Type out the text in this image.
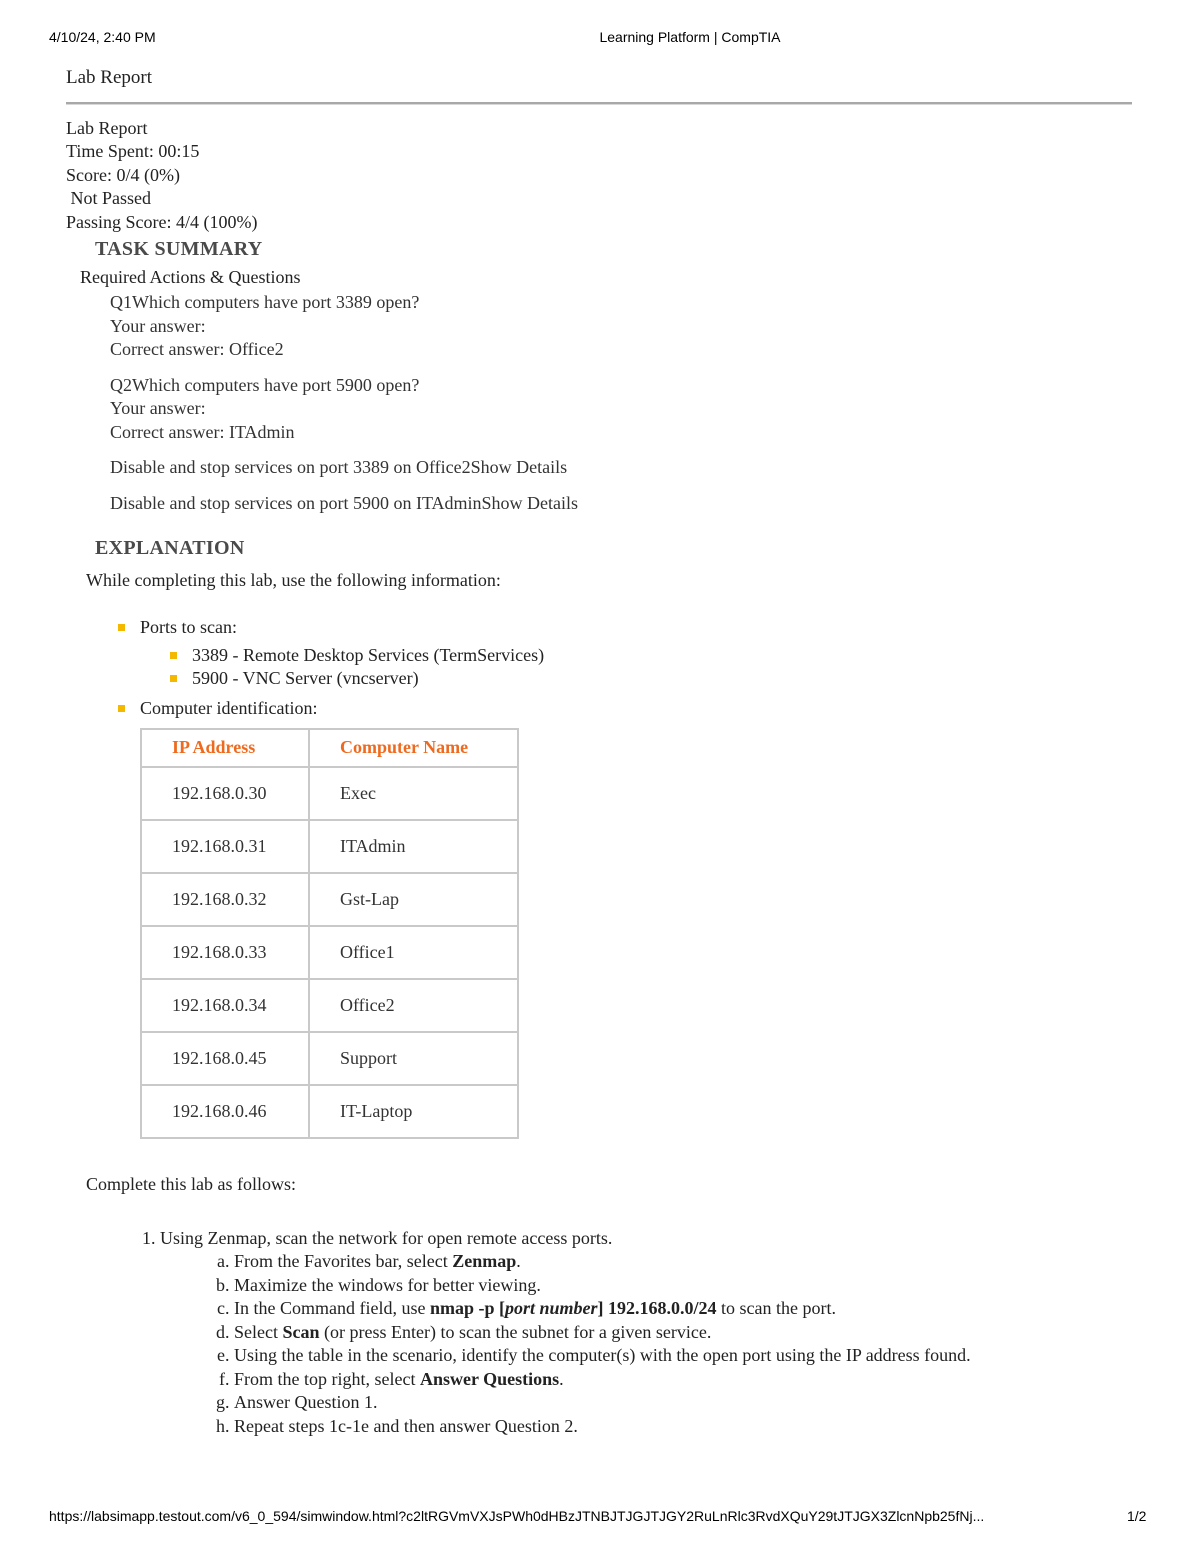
4/10/24, 2:40 PM	Learning Platform | CompTIA
Lab Report
Lab Report
Time Spent: 00:15
Score: 0/4 (0%)
Not Passed
Passing Score: 4/4 (100%)
TASK SUMMARY
Required Actions & Questions
Q1Which computers have port 3389 open?
Your answer:
Correct answer: Office2
Q2Which computers have port 5900 open?
Your answer:
Correct answer: ITAdmin
Disable and stop services on port 3389 on Office2Show Details
Disable and stop services on port 5900 on ITAdminShow Details
EXPLANATION
While completing this lab, use the following information:
Ports to scan:
3389 - Remote Desktop Services (TermServices)
5900 - VNC Server (vncserver)
Computer identification:
IP Address	Computer Name
192.168.0.30	Exec
192.168.0.31	ITAdmin
192.168.0.32	Gst-Lap
192.168.0.33	Office1
192.168.0.34	Office2
192.168.0.45	Support
192.168.0.46	IT-Laptop
Complete this lab as follows:
1. Using Zenmap, scan the network for open remote access ports.
a. From the Favorites bar, select Zenmap.
b. Maximize the windows for better viewing.
c. In the Command field, use nmap -p [port number] 192.168.0.0/24 to scan the port.
d. Select Scan (or press Enter) to scan the subnet for a given service.
e. Using the table in the scenario, identify the computer(s) with the open port using the IP address found.
f. From the top right, select Answer Questions.
g. Answer Question 1.
h. Repeat steps 1c-1e and then answer Question 2.
https://labsimapp.testout.com/v6_0_594/simwindow.html?c2ltRGVmVXJsPWh0dHBzJTNBJTJGJTJGY2RuLnRlc3RvdXQuY29tJTJGX3ZlcnNpb25fNj...	1/2
